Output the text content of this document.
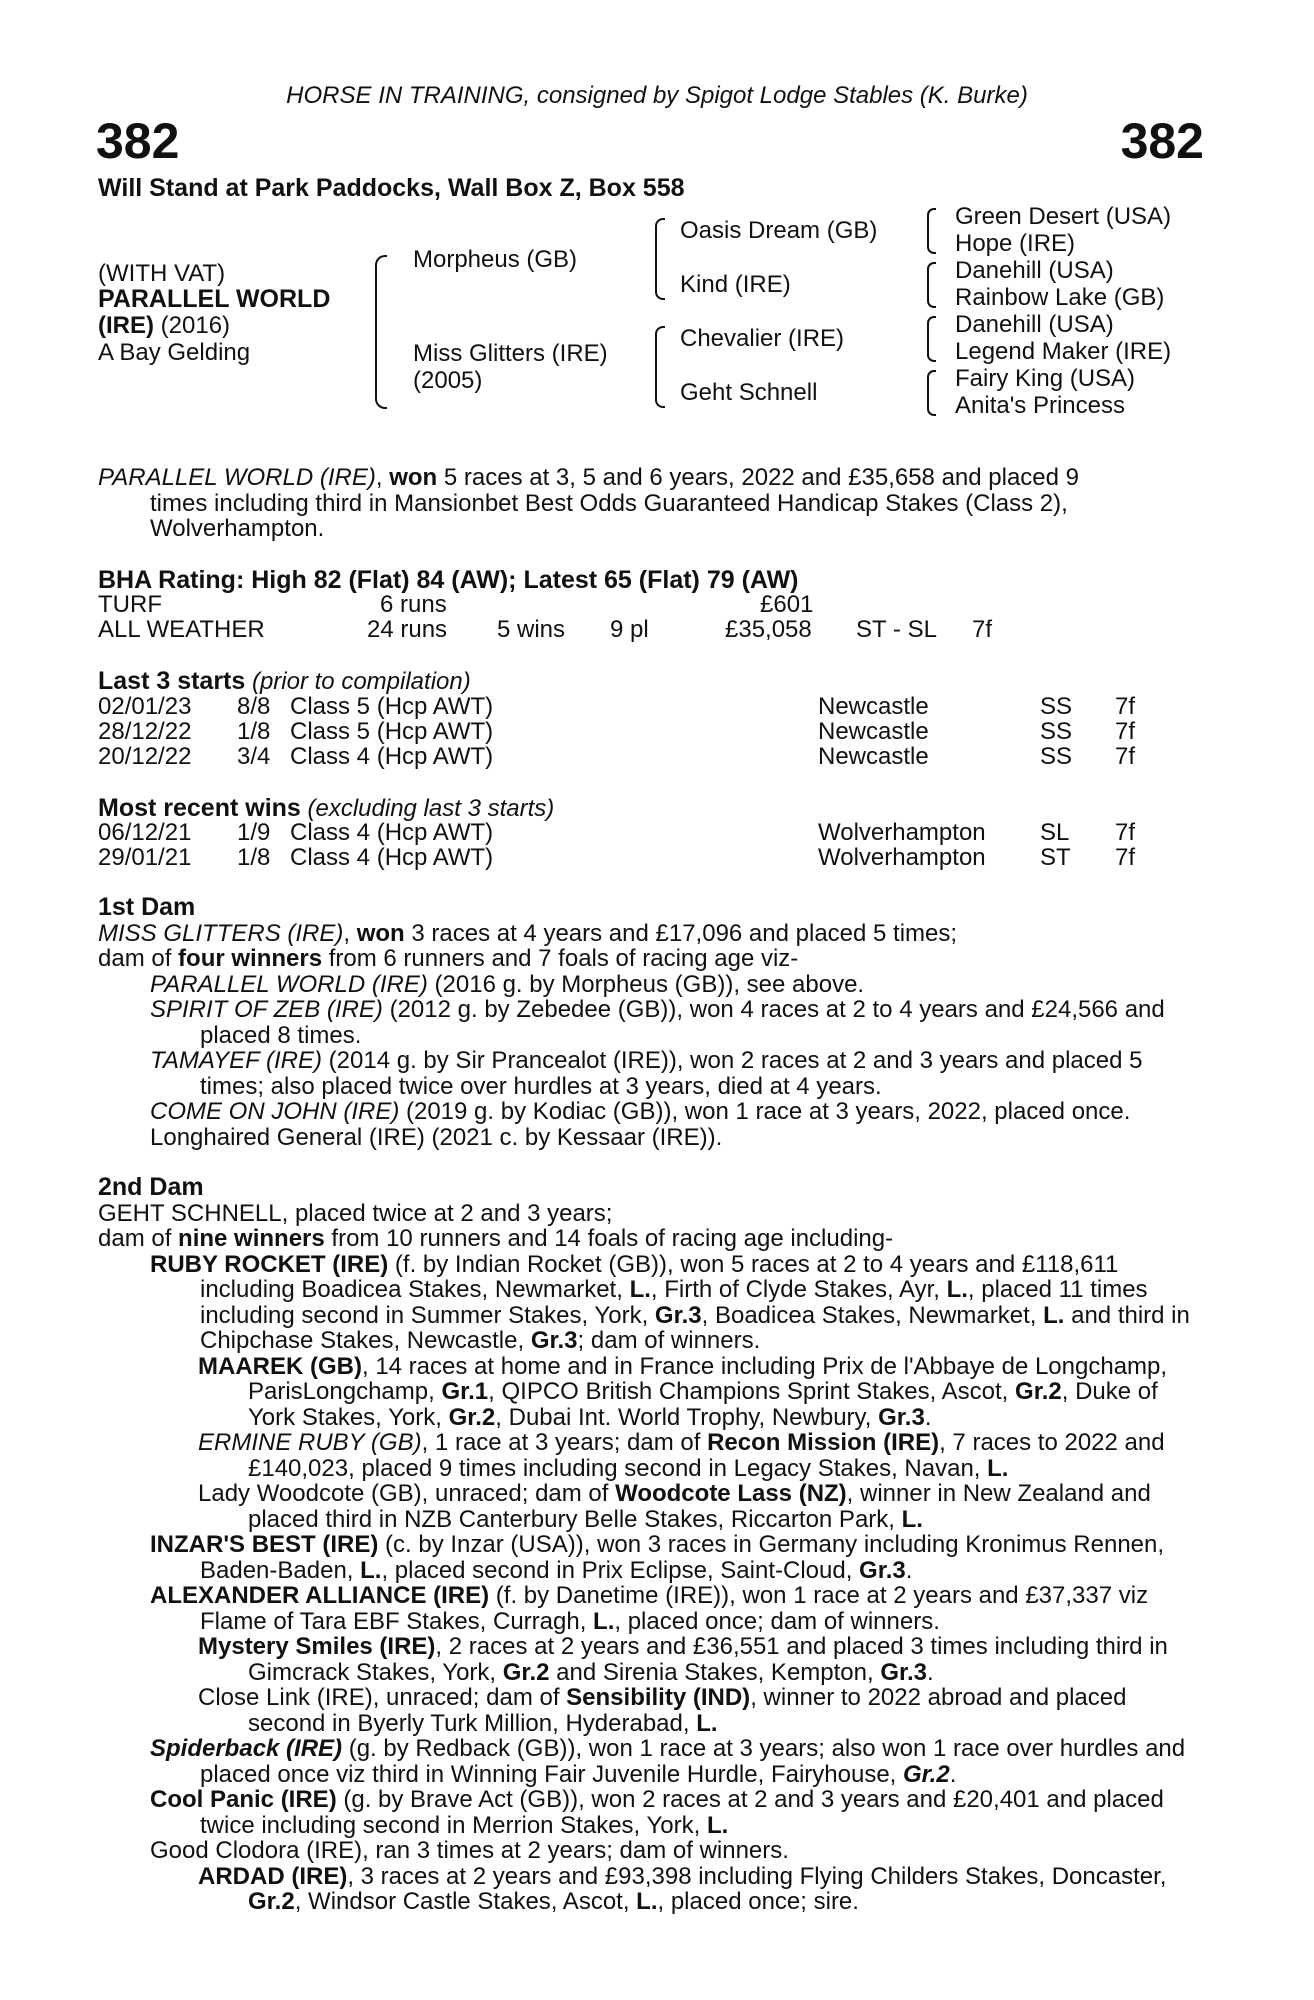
HORSE IN TRAINING, consigned by Spigot Lodge Stables (K. Burke)
382	382
Will Stand at Park Paddocks, Wall Box Z, Box 558
(WITH VAT)
PARALLEL WORLD
(IRE) (2016)
A Bay Gelding
Morpheus (GB)
Miss Glitters (IRE)
(2005)
Oasis Dream (GB)
Kind (IRE)
Chevalier (IRE)
Geht Schnell
Green Desert (USA)
Hope (IRE)
Danehill (USA)
Rainbow Lake (GB)
Danehill (USA)
Legend Maker (IRE)
Fairy King (USA)
Anita's Princess
PARALLEL WORLD (IRE), won 5 races at 3, 5 and 6 years, 2022 and £35,658 and placed 9
times including third in Mansionbet Best Odds Guaranteed Handicap Stakes (Class 2),
Wolverhampton.
BHA Rating: High 82 (Flat) 84 (AW); Latest 65 (Flat) 79 (AW)
TURF	6 runs	£601
ALL WEATHER	24 runs 5 wins 9 pl	£35,058 ST - SL 7f
Last 3 starts (prior to compilation)
02/01/23 8/8 Class 5 (Hcp AWT)	Newcastle	SS 7f
28/12/22 1/8 Class 5 (Hcp AWT)	Newcastle	SS 7f
20/12/22 3/4 Class 4 (Hcp AWT)	Newcastle	SS 7f
Most recent wins (excluding last 3 starts)
06/12/21 1/9 Class 4 (Hcp AWT)	Wolverhampton SL 7f
29/01/21 1/8 Class 4 (Hcp AWT)	Wolverhampton ST 7f
1st Dam
MISS GLITTERS (IRE), won 3 races at 4 years and £17,096 and placed 5 times;
dam of four winners from 6 runners and 7 foals of racing age viz-
PARALLEL WORLD (IRE) (2016 g. by Morpheus (GB)), see above.
SPIRIT OF ZEB (IRE) (2012 g. by Zebedee (GB)), won 4 races at 2 to 4 years and £24,566 and placed 8 times.
TAMAYEF (IRE) (2014 g. by Sir Prancealot (IRE)), won 2 races at 2 and 3 years and placed 5 times; also placed twice over hurdles at 3 years, died at 4 years.
COME ON JOHN (IRE) (2019 g. by Kodiac (GB)), won 1 race at 3 years, 2022, placed once.
Longhaired General (IRE) (2021 c. by Kessaar (IRE)).
2nd Dam
GEHT SCHNELL, placed twice at 2 and 3 years;
dam of nine winners from 10 runners and 14 foals of racing age including-
RUBY ROCKET (IRE) (f. by Indian Rocket (GB)), won 5 races at 2 to 4 years and £118,611 including Boadicea Stakes, Newmarket, L., Firth of Clyde Stakes, Ayr, L., placed 11 times including second in Summer Stakes, York, Gr.3, Boadicea Stakes, Newmarket, L. and third in Chipchase Stakes, Newcastle, Gr.3; dam of winners.
MAAREK (GB), 14 races at home and in France including Prix de l'Abbaye de Longchamp, ParisLongchamp, Gr.1, QIPCO British Champions Sprint Stakes, Ascot, Gr.2, Duke of York Stakes, York, Gr.2, Dubai Int. World Trophy, Newbury, Gr.3.
ERMINE RUBY (GB), 1 race at 3 years; dam of Recon Mission (IRE), 7 races to 2022 and £140,023, placed 9 times including second in Legacy Stakes, Navan, L.
Lady Woodcote (GB), unraced; dam of Woodcote Lass (NZ), winner in New Zealand and placed third in NZB Canterbury Belle Stakes, Riccarton Park, L.
INZAR'S BEST (IRE) (c. by Inzar (USA)), won 3 races in Germany including Kronimus Rennen, Baden-Baden, L., placed second in Prix Eclipse, Saint-Cloud, Gr.3.
ALEXANDER ALLIANCE (IRE) (f. by Danetime (IRE)), won 1 race at 2 years and £37,337 viz Flame of Tara EBF Stakes, Curragh, L., placed once; dam of winners.
Mystery Smiles (IRE), 2 races at 2 years and £36,551 and placed 3 times including third in Gimcrack Stakes, York, Gr.2 and Sirenia Stakes, Kempton, Gr.3.
Close Link (IRE), unraced; dam of Sensibility (IND), winner to 2022 abroad and placed second in Byerly Turk Million, Hyderabad, L.
Spiderback (IRE) (g. by Redback (GB)), won 1 race at 3 years; also won 1 race over hurdles and placed once viz third in Winning Fair Juvenile Hurdle, Fairyhouse, Gr.2.
Cool Panic (IRE) (g. by Brave Act (GB)), won 2 races at 2 and 3 years and £20,401 and placed twice including second in Merrion Stakes, York, L.
Good Clodora (IRE), ran 3 times at 2 years; dam of winners.
ARDAD (IRE), 3 races at 2 years and £93,398 including Flying Childers Stakes, Doncaster, Gr.2, Windsor Castle Stakes, Ascot, L., placed once; sire.
